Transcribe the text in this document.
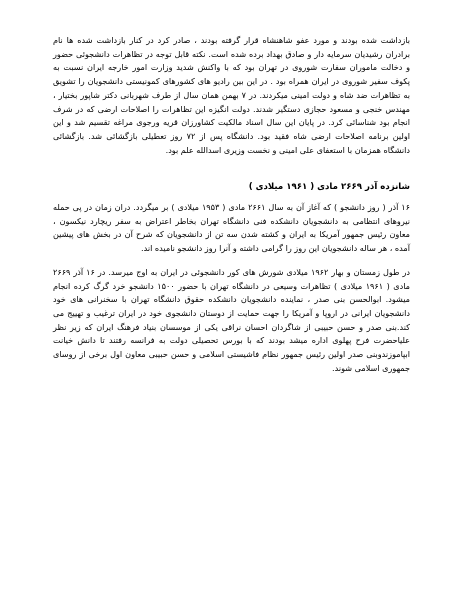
بازداشت شده بودند و مورد عفو شاهنشاه قرار گرفته بودند ، صادر کرد در کنار بازداشت شده ها نام برادران رشیدیان سرمایه دار و صادق بهداد برده شده است. نکته قابل توجه در تظاهرات دانشجوئی حضور و دخالت ماموران سفارت شوروی در تهران بود که با واکنش شدید وزارت امور خارجه ایران نسبت به پکوف سفیر شوروی در ایران همراه بود . در این بین رادیو های کشورهای کمونیستی دانشجویان را تشویق به تظاهرات ضد شاه و دولت امینی میکردند. در ۷ بهمن همان سال از طرف شهربانی دکتر شاپور بختیار ، مهندس خنجی و مسعود حجازی دستگیر شدند. دولت انگیزه این تظاهرات را اصلاحات ارضی که در شرف انجام بود شناسائی کرد. در پایان این سال اسناد مالکیت کشاورزان قریه ورجوی مراغه تقسیم شد و این اولین برنامه اصلاحات ارضی شاه فقید بود. دانشگاه پس از ۷۲ روز تعطیلی بازگشائی شد. بازگشائی دانشگاه همزمان با استعفای علی امینی و نخست وزیری اسدالله علم بود.

شانزده آذر ۲۶۶۹ مادی ( ۱۹۶۱ میلادی )

۱۶ آذر ( روز دانشجو ) که آغاز آن به سال ۲۶۶۱ مادی ( ۱۹۵۳ میلادی ) بر میگردد. دران زمان در پی حمله نیروهای انتظامی به دانشجویان دانشکده فنی دانشگاه تهران بخاطر اعتراض به سفر ریچارد نیکسون ، معاون رئیس جمهور آمریکا به ایران و کشته شدن سه تن از دانشجویان که شرح آن در بخش های پیشین آمده ، هر ساله دانشجویان این روز را گرامی داشته و آنرا روز دانشجو نامیده اند.

در طول زمستان و بهار ۱۹۶۲ میلادی شورش های کور دانشجوئی در ایران به اوج میرسد. در ۱۶ آذر ۲۶۶۹ مادی ( ۱۹۶۱ میلادی ) تظاهرات وسیعی در دانشگاه تهران با حضور ۱۵۰۰ دانشجو خرد گرگ کرده انجام میشود. ابوالحسن بنی صدر ، نماینده دانشجویان دانشکده حقوق دانشگاه تهران با سخنرانی های خود دانشجویان ایرانی در اروپا و آمریکا را جهت حمایت از دوستان دانشجوی خود در ایران ترغیب و تهییج می کند.بنی صدر و حسن حبیبی از شاگردان احسان نراقی یکی از موسسان بنیاد فرهنگ ایران که زیر نظر علیاحضرت فرح پهلوی اداره میشد بودند که با بورس تحصیلی دولت به فرانسه رفتند تا دانش خیانت ابپاموزندوبنی صدر اولین رئیس جمهور نظام فاشیستی اسلامی و حسن حبیبی معاون اول برخی از روسای جمهوری اسلامی شوند.
